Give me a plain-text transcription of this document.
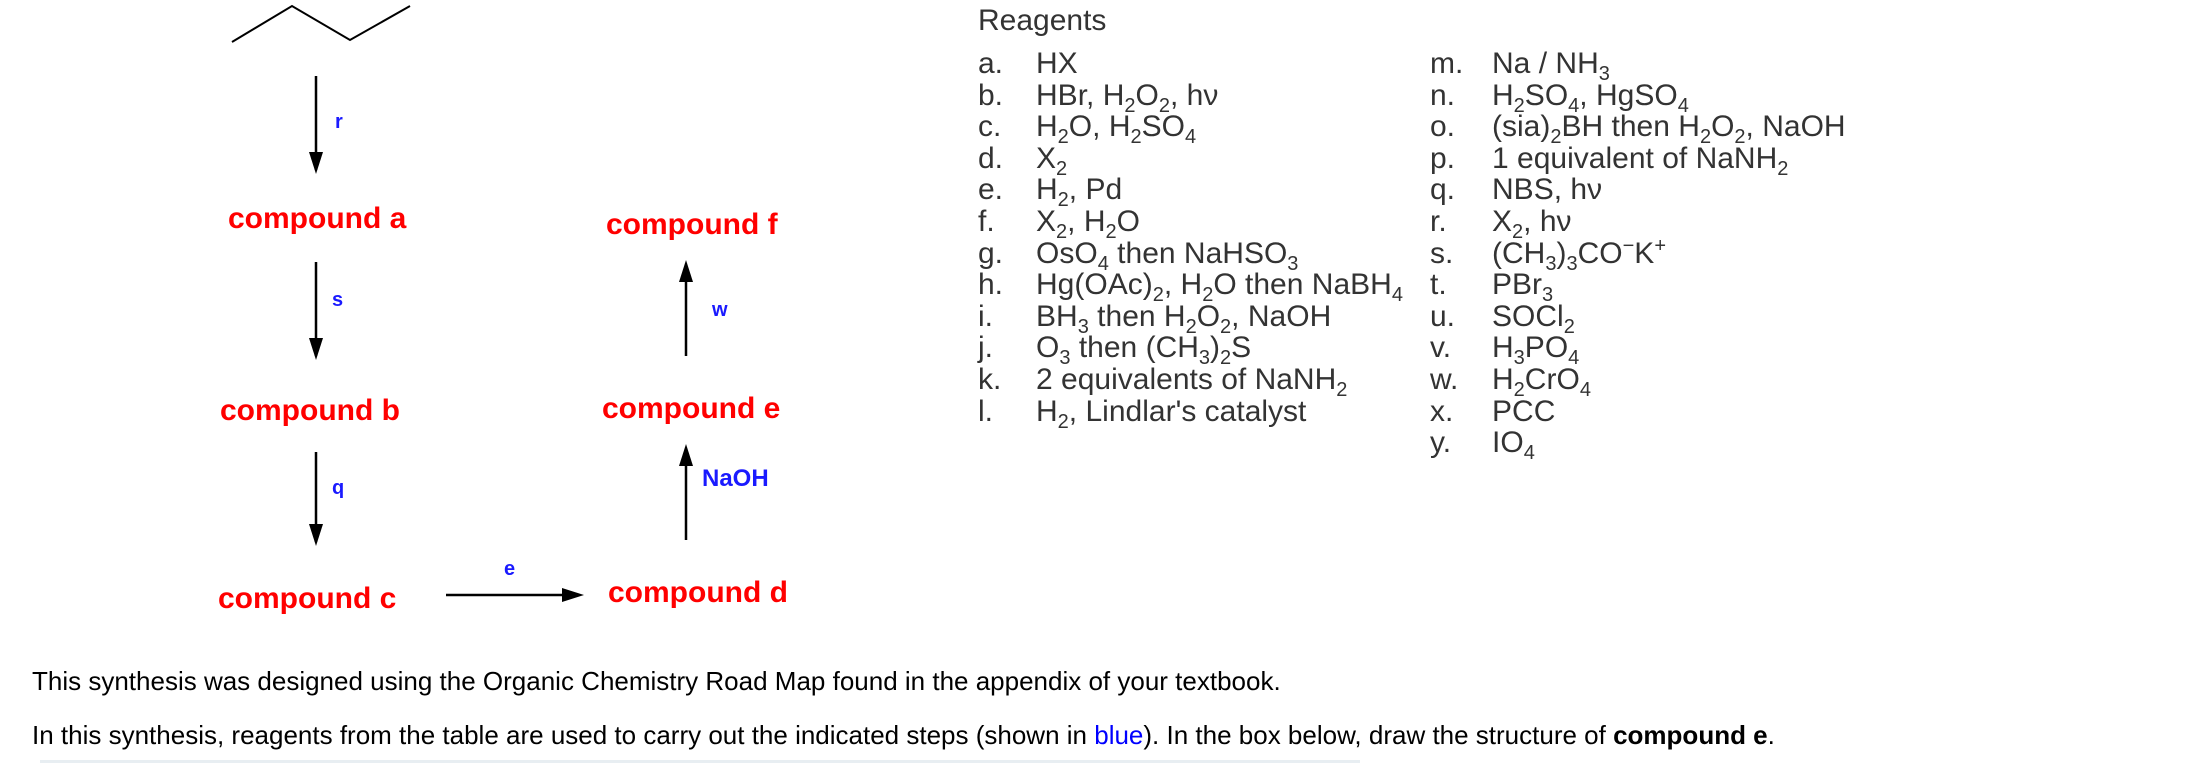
r
compound a
s
compound b
q
compound c
e
compound d
NaOH
compound e
w
compound f
Reagents
a. HX
b. HBr, $H_2O_2$, hν
c. $H_2O$, $H_2SO_4$
d. $X_2$
e. $H_2$, Pd
f. $X_2$, $H_2O$
g. OsO$_4$ then NaHSO$_3$
h. $Hg(OAc)_2$, $H_2O$ then NaBH$_4$
i. $BH_3$ then $H_2O_2$, NaOH
j. $O_3$ then $(CH_3)_2S$
k. 2 equivalents of NaNH$_2$
l. $H_2$, Lindlar's catalyst
m. Na / $NH_3$
n. $H_2SO_4$, HgSO$_4$
o. $(sia)_2BH$ then $H_2O_2$, NaOH
p. 1 equivalent of NaNH$_2$
q. NBS, hν
r. $X_2$, hν
s. $(CH_3)_3CO^-K^+$
t. PBr$_3$
u. SOCl$_2$
v. $H_3PO_4$
w. $H_2CrO_4$
x. PCC
y. $IO_4$
This synthesis was designed using the Organic Chemistry Road Map found in the appendix of your textbook.
In this synthesis, reagents from the table are used to carry out the indicated steps (shown in blue). In the box below, draw the structure of compound e.
